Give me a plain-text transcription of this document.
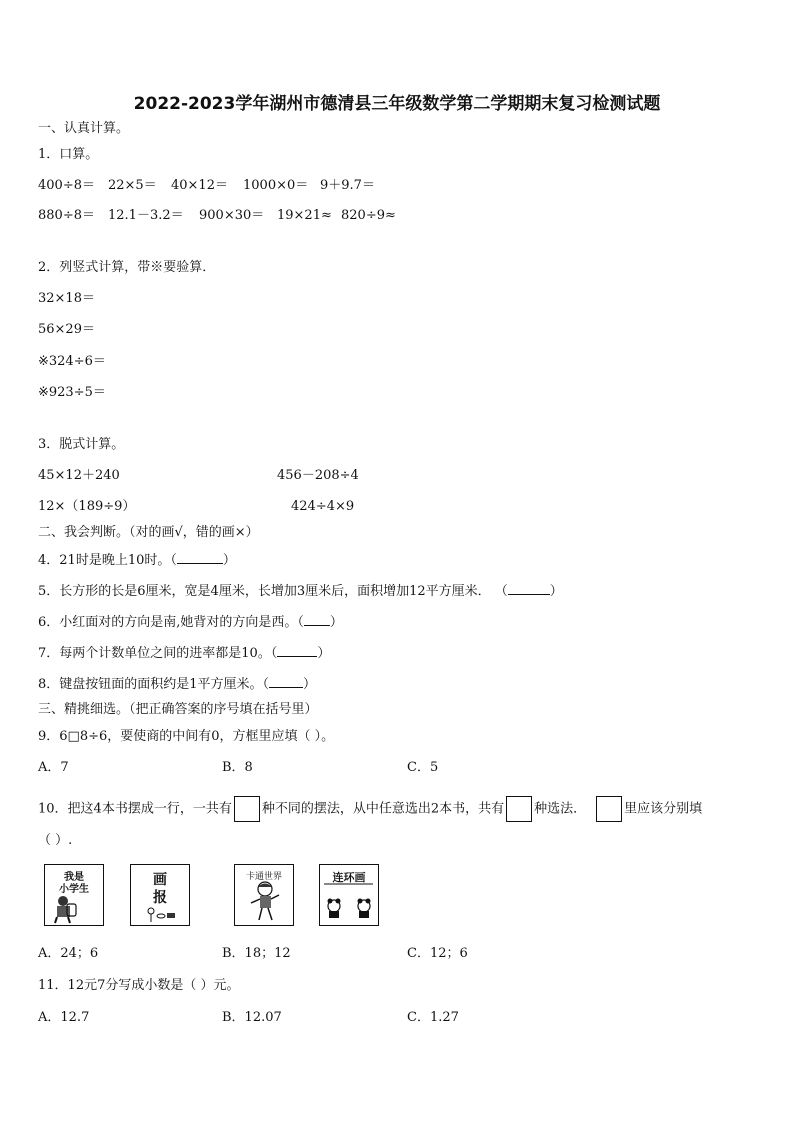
2022-2023学年湖州市德清县三年级数学第二学期期末复习检测试题
一、认真计算。
1．口算。
400÷8＝ 22×5＝ 40×12＝ 1000×0＝ 9＋9.7＝
880÷8＝ 12.1－3.2＝ 900×30＝ 19×21≈ 820÷9≈
2．列竖式计算，带※要验算．
32×18＝
56×29＝
※324÷6＝
※923÷5＝
3．脱式计算。
45×12＋240	456－208÷4
12×（189÷9）	424÷4×9
二、我会判断。（对的画√，错的画×）
4．21时是晚上10时。（	）
5．长方形的长是6厘米，宽是4厘米，长增加3厘米后，面积增加12平方厘米． （	）
6．小红面对的方向是南,她背对的方向是西。（ ）
7．每两个计数单位之间的进率都是10。（	）
8．键盘按钮面的面积约是1平方厘米。（	）
三、精挑细选。（把正确答案的序号填在括号里）
9．6□8÷6，要使商的中间有0，方框里应填（ ）。
A．7	B．8	C．5
10．把这4本书摆成一行，一共有 种不同的摆法，从中任意选出2本书，共有 种选法．	里应该分别填
（ ）.
我是
小学生
画
报
卡通世界	连环画
A．24；6	B．18；12	C．12；6
11．12元7分写成小数是（ ）元。
A．12.7	B．12.07	C．1.27
